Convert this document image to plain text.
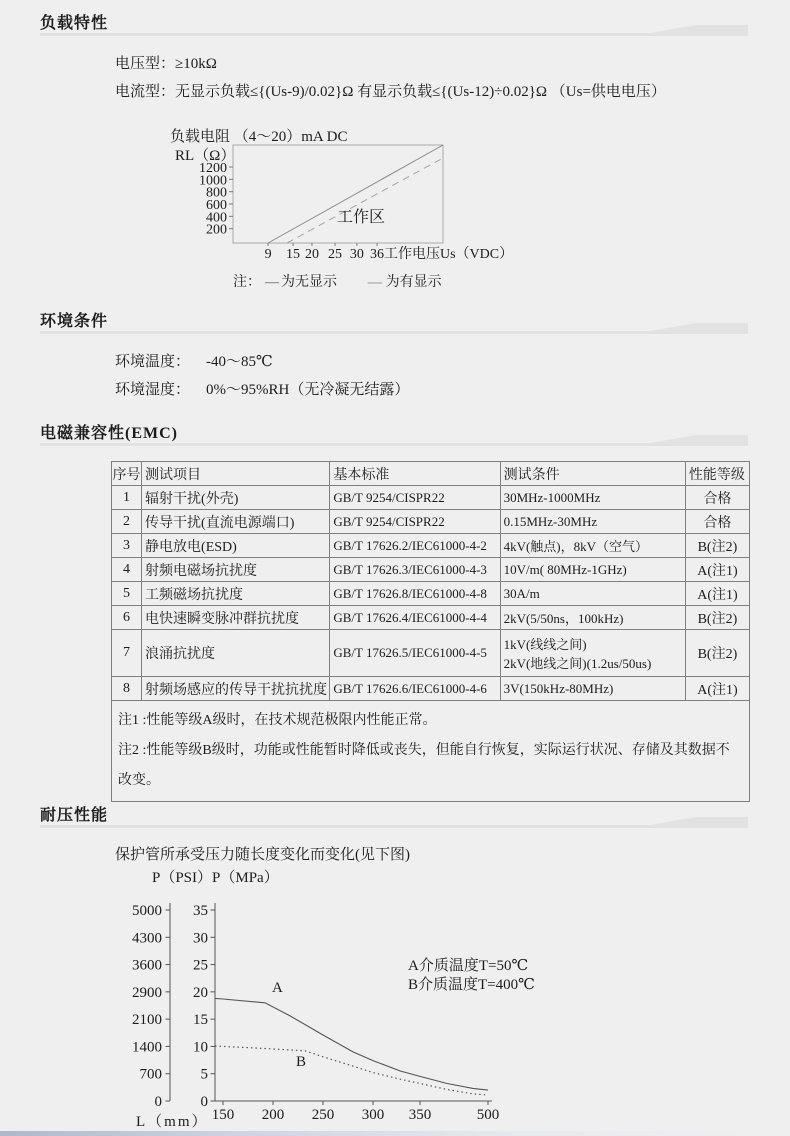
负载特性
电压型：≥10kΩ
电流型：无显示负载≤{(Us-9)/0.02}Ω 有显示负载≤{(Us-12)÷0.02}Ω （Us=供电电压）
负载电阻 （4～20）mA DC
RL（Ω）
200
400
600
800
1000
1200
9 15 20 25 30 36 工作电压Us（VDC）
工作区
注： — 为无显示 ---- 为有显示
环境条件
环境温度： -40～85℃
环境湿度： 0%～95%RH（无冷凝无结露）
电磁兼容性(EMC)
序号	测试项目	基本标准	测试条件	性能等级
1	辐射干扰(外壳)	GB/T 9254/CISPR22	30MHz-1000MHz	合格
2	传导干扰(直流电源端口)	GB/T 9254/CISPR22	0.15MHz-30MHz	合格
3	静电放电(ESD)	GB/T 17626.2/IEC61000-4-2	4kV(触点)，8kV（空气）	B(注2)
4	射频电磁场抗扰度	GB/T 17626.3/IEC61000-4-3	10V/m( 80MHz-1GHz)	A(注1)
5	工频磁场抗扰度	GB/T 17626.8/IEC61000-4-8	30A/m	A(注1)
6	电快速瞬变脉冲群抗扰度	GB/T 17626.4/IEC61000-4-4	2kV(5/50ns，100kHz)	B(注2)
7	浪涌抗扰度	GB/T 17626.5/IEC61000-4-5	1kV(线线之间)
2kV(地线之间)(1.2us/50us)	B(注2)
8	射频场感应的传导干扰抗扰度	GB/T 17626.6/IEC61000-4-6	3V(150kHz-80MHz)	A(注1)

注1 :性能等级A级时，在技术规范极限内性能正常。
注2 :性能等级B级时，功能或性能暂时降低或丧失，但能自行恢复，实际运行状况、存储及其数据不改变。				
耐压性能
保护管所承受压力随长度变化而变化(见下图)
P（PSI）P（MPa）
0	0
700	5
1400 10
2100 15
2900 20
3600 25
4300 30
5000 35
150 200 250 300 350	500
A
B
A介质温度T=50℃
B介质温度T=400℃
L（mm）
